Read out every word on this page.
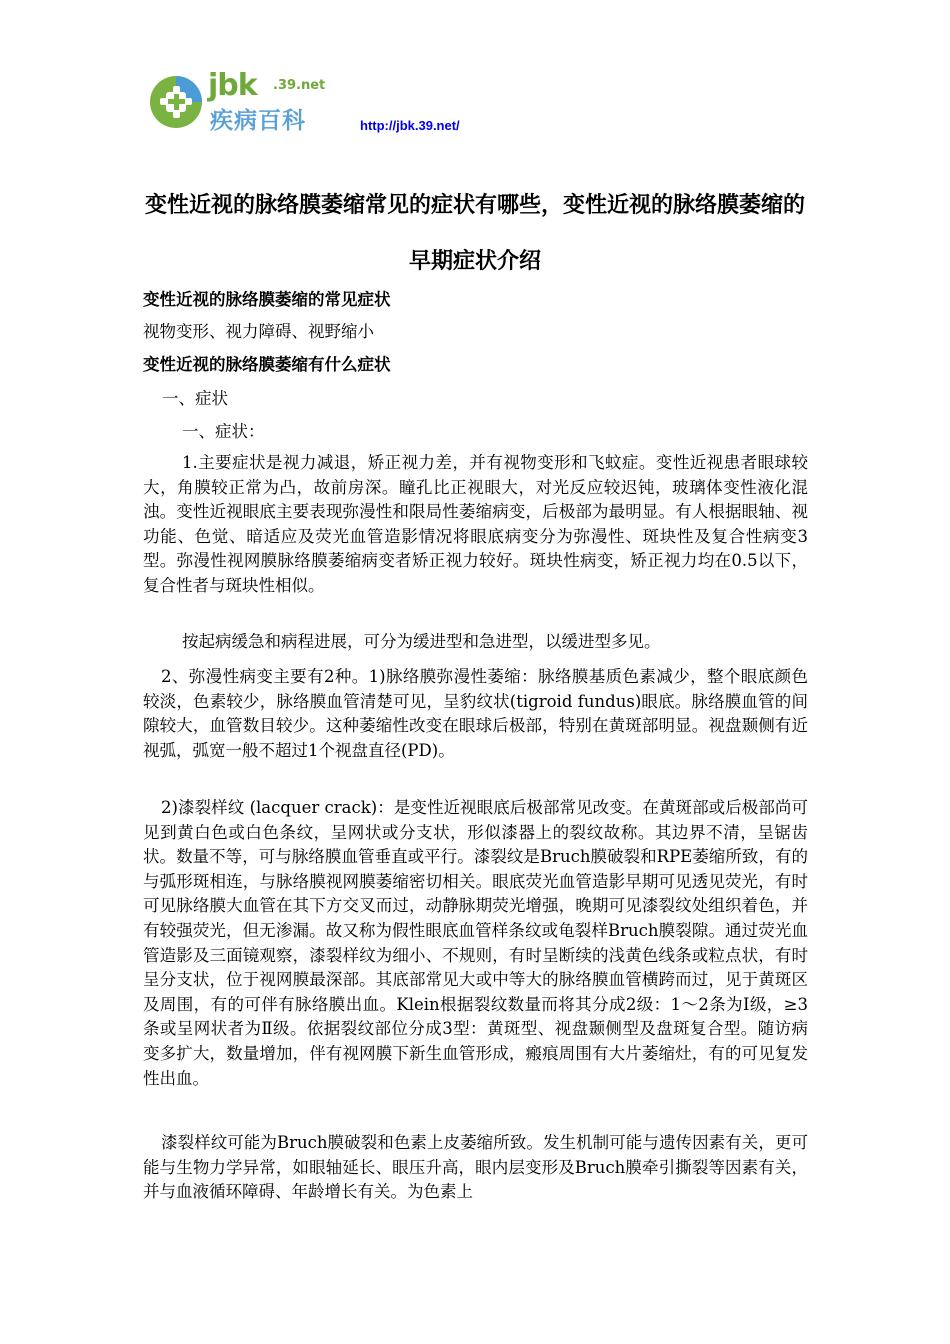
jbk .39.net
疾病百科	http://jbk.39.net/
变性近视的脉络膜萎缩常见的症状有哪些，变性近视的脉络膜萎缩的早期症状介绍
变性近视的脉络膜萎缩的常见症状
视物变形、视力障碍、视野缩小
变性近视的脉络膜萎缩有什么症状
一、症状
一、症状：
1.主要症状是视力减退，矫正视力差，并有视物变形和飞蚊症。变性近视患者眼球较大，角膜较正常为凸，故前房深。瞳孔比正视眼大，对光反应较迟钝，玻璃体变性液化混浊。变性近视眼底主要表现弥漫性和限局性萎缩病变，后极部为最明显。有人根据眼轴、视功能、色觉、暗适应及荧光血管造影情况将眼底病变分为弥漫性、斑块性及复合性病变3型。弥漫性视网膜脉络膜萎缩病变者矫正视力较好。斑块性病变，矫正视力均在0.5以下，复合性者与斑块性相似。
按起病缓急和病程进展，可分为缓进型和急进型，以缓进型多见。
2、弥漫性病变主要有2种。1)脉络膜弥漫性萎缩：脉络膜基质色素减少，整个眼底颜色较淡，色素较少，脉络膜血管清楚可见，呈豹纹状(tigroid fundus)眼底。脉络膜血管的间隙较大，血管数目较少。这种萎缩性改变在眼球后极部，特别在黄斑部明显。视盘颞侧有近视弧，弧宽一般不超过1个视盘直径(PD)。
2)漆裂样纹 (lacquer crack)：是变性近视眼底后极部常见改变。在黄斑部或后极部尚可见到黄白色或白色条纹，呈网状或分支状，形似漆器上的裂纹故称。其边界不清，呈锯齿状。数量不等，可与脉络膜血管垂直或平行。漆裂纹是Bruch膜破裂和RPE萎缩所致，有的与弧形斑相连，与脉络膜视网膜萎缩密切相关。眼底荧光血管造影早期可见透见荧光，有时可见脉络膜大血管在其下方交叉而过，动静脉期荧光增强，晚期可见漆裂纹处组织着色，并有较强荧光，但无渗漏。故又称为假性眼底血管样条纹或龟裂样Bruch膜裂隙。通过荧光血管造影及三面镜观察，漆裂样纹为细小、不规则，有时呈断续的浅黄色线条或粒点状，有时呈分支状，位于视网膜最深部。其底部常见大或中等大的脉络膜血管横跨而过，见于黄斑区及周围，有的可伴有脉络膜出血。Klein根据裂纹数量而将其分成2级：1～2条为Ⅰ级，≥3条或呈网状者为Ⅱ级。依据裂纹部位分成3型：黄斑型、视盘颞侧型及盘斑复合型。随访病变多扩大，数量增加，伴有视网膜下新生血管形成，瘢痕周围有大片萎缩灶，有的可见复发性出血。
漆裂样纹可能为Bruch膜破裂和色素上皮萎缩所致。发生机制可能与遗传因素有关，更可能与生物力学异常，如眼轴延长、眼压升高，眼内层变形及Bruch膜牵引撕裂等因素有关，并与血液循环障碍、年龄增长有关。为色素上
